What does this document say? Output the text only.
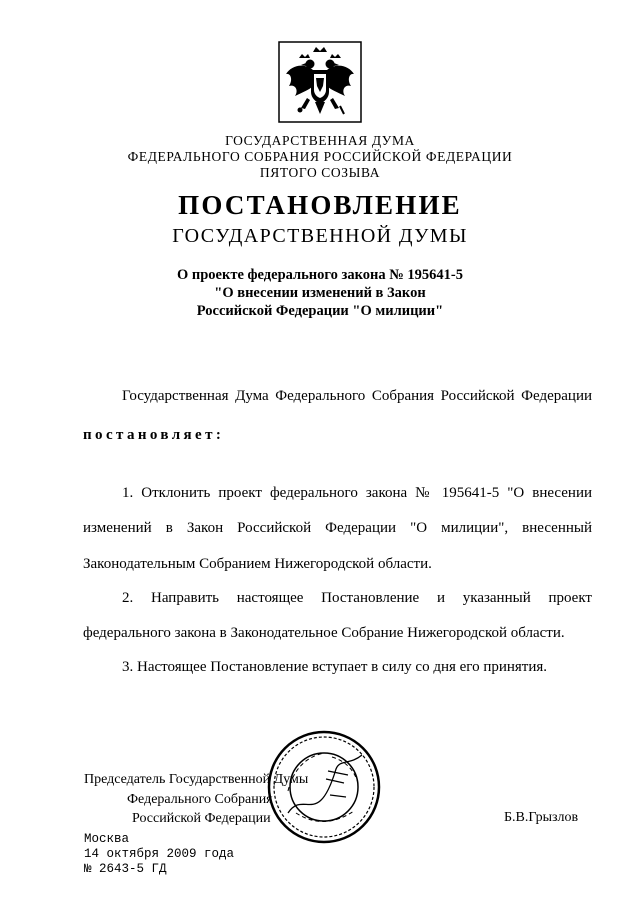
ГОСУДАРСТВЕННАЯ ДУМА
ФЕДЕРАЛЬНОГО СОБРАНИЯ РОССИЙСКОЙ ФЕДЕРАЦИИ
ПЯТОГО СОЗЫВА
ПОСТАНОВЛЕНИЕ
ГОСУДАРСТВЕННОЙ ДУМЫ
О проекте федерального закона № 195641-5
"О внесении изменений в Закон
Российской Федерации "О милиции"
Государственная Дума Федерального Собрания Российской Федерации
постановляет:
1. Отклонить проект федерального закона № 195641-5 "О внесении
изменений в Закон Российской Федерации "О милиции", внесенный
Законодательным Собранием Нижегородской области.
2. Направить настоящее Постановление и указанный проект
федерального закона в Законодательное Собрание Нижегородской области.
3. Настоящее Постановление вступает в силу со дня его принятия.
Председатель Государственной Думы
Федерального Собрания
Российской Федерации	Б.В.Грызлов
Москва
14 октября 2009 года
№ 2643-5 ГД
